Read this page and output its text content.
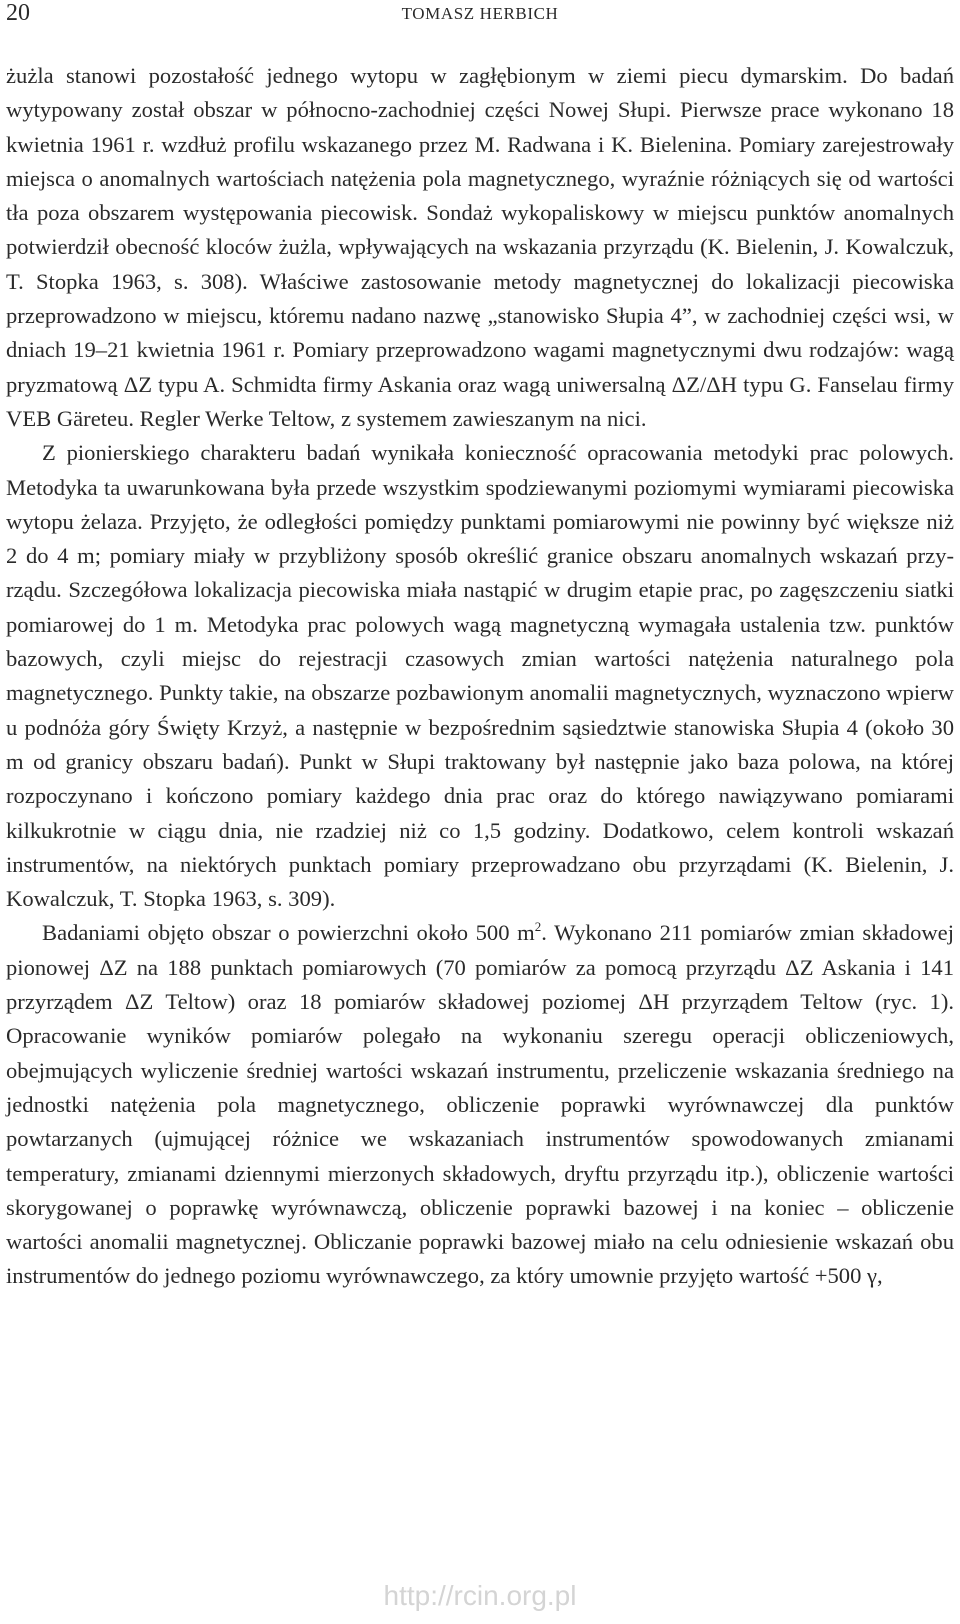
20	TOMASZ HERBICH

żużla stanowi pozostałość jednego wytopu w zagłębionym w ziemi piecu dymarskim. Do badań wytypowany został obszar w północno-zachodniej części Nowej Słupi. Pierwsze prace wykonano 18 kwietnia 1961 r. wzdłuż profilu wskazanego przez M. Radwana i K. Bielenina. Pomiary zarejestrowały miejsca o anomalnych wartościach natężenia pola magnetycznego, wyraźnie różniących się od wartości tła poza obszarem występowania piecowisk. Sondaż wykopaliskowy w miejscu punktów anomalnych potwierdził obecność kloców żużla, wpływających na wskazania przyrządu (K. Bielenin, J. Kowalczuk, T. Stopka 1963, s. 308). Właściwe zastosowanie metody magnetycznej do lokalizacji piecowiska przeprowadzono w miejscu, któremu nadano nazwę „stanowisko Słupia 4”, w zachodniej części wsi, w dniach 19–21 kwietnia 1961 r. Pomiary przeprowadzono wagami magnetycznymi dwu rodzajów: wagą pryzmatową ΔZ typu A. Schmidta firmy Askania oraz wagą uniwersalną ΔZ/ΔH typu G. Fanselau firmy VEB Gäreteu. Regler Werke Teltow, z systemem zawieszanym na nici.

Z pionierskiego charakteru badań wynikała konieczność opracowania metodyki prac polowych. Metodyka ta uwarunkowana była przede wszystkim spodziewanymi poziomymi wymiarami piecowiska wytopu żelaza. Przyjęto, że odległości pomiędzy punktami pomiarowymi nie powinny być większe niż 2 do 4 m; pomiary miały w przybliżony sposób określić granice obszaru anomalnych wskazań przyrządu. Szczegółowa lokalizacja piecowiska miała nastąpić w drugim etapie prac, po zagęszczeniu siatki pomiarowej do 1 m. Metodyka prac polowych wagą magnetyczną wymagała ustalenia tzw. punktów bazowych, czyli miejsc do rejestracji czasowych zmian wartości natężenia naturalnego pola magnetycznego. Punkty takie, na obszarze pozbawionym anomalii magnetycznych, wyznaczono wpierw u podnóża góry Święty Krzyż, a następnie w bezpośrednim sąsiedztwie stanowiska Słupia 4 (około 30 m od granicy obszaru badań). Punkt w Słupi traktowany był następnie jako baza polowa, na której rozpoczynano i kończono pomiary każdego dnia prac oraz do którego nawiązywano pomiarami kilkukrotnie w ciągu dnia, nie rzadziej niż co 1,5 godziny. Dodatkowo, celem kontroli wskazań instrumentów, na niektórych punktach pomiary przeprowadzano obu przyrządami (K. Bielenin, J. Kowalczuk, T. Stopka 1963, s. 309).

Badaniami objęto obszar o powierzchni około 500 $m^2$. Wykonano 211 pomiarów zmian składowej pionowej ΔZ na 188 punktach pomiarowych (70 pomiarów za pomocą przyrządu ΔZ Askania i 141 przyrządem ΔZ Teltow) oraz 18 pomiarów składowej poziomej ΔH przyrządem Teltow (ryc. 1). Opracowanie wyników pomiarów polegało na wykonaniu szeregu operacji obliczeniowych, obejmujących wyliczenie średniej wartości wskazań instrumentu, przeliczenie wskazania średniego na jednostki natężenia pola magnetycznego, obliczenie poprawki wyrównawczej dla punktów powtarzanych (ujmującej różnice we wskazaniach instrumentów spowodowanych zmianami temperatury, zmianami dziennymi mierzonych składowych, dryftu przyrządu itp.), obliczenie wartości skorygowanej o poprawkę wyrównawczą, obliczenie poprawki bazowej i na koniec – obliczenie wartości anomalii magnetycznej. Obliczanie poprawki bazowej miało na celu odniesienie wskazań obu instrumentów do jednego poziomu wyrównawczego, za który umownie przyjęto wartość +500 γ,

http://rcin.org.pl
